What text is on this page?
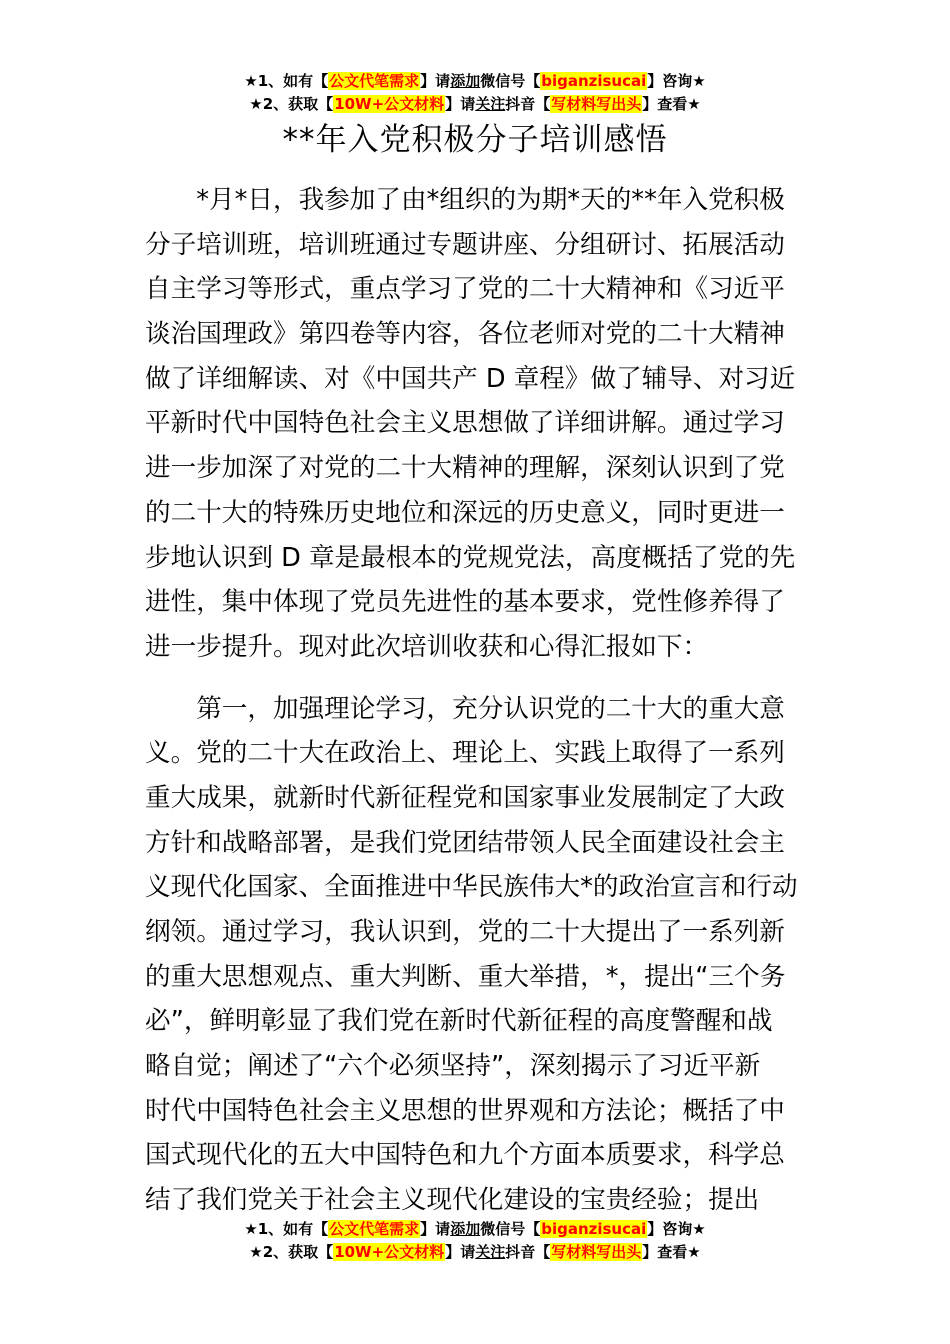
★1、如有【公文代笔需求】请添加微信号【biganzisucai】咨询★
★2、获取【10W+公文材料】请关注抖音【写材料写出头】查看★
**年入党积极分子培训感悟
　　*月*日，我参加了由*组织的为期*天的**年入党积极
分子培训班，培训班通过专题讲座、分组研讨、拓展活动
自主学习等形式，重点学习了党的二十大精神和《习近平
谈治国理政》第四卷等内容，各位老师对党的二十大精神
做了详细解读、对《中国共产 D 章程》做了辅导、对习近
平新时代中国特色社会主义思想做了详细讲解。通过学习
进一步加深了对党的二十大精神的理解，深刻认识到了党
的二十大的特殊历史地位和深远的历史意义，同时更进一
步地认识到 D 章是最根本的党规党法，高度概括了党的先
进性，集中体现了党员先进性的基本要求，党性修养得了
进一步提升。现对此次培训收获和心得汇报如下：
　　第一，加强理论学习，充分认识党的二十大的重大意
义。党的二十大在政治上、理论上、实践上取得了一系列
重大成果，就新时代新征程党和国家事业发展制定了大政
方针和战略部署，是我们党团结带领人民全面建设社会主
义现代化国家、全面推进中华民族伟大*的政治宣言和行动
纲领。通过学习，我认识到，党的二十大提出了一系列新
的重大思想观点、重大判断、重大举措，*，提出“三个务
必”，鲜明彰显了我们党在新时代新征程的高度警醒和战
略自觉；阐述了“六个必须坚持”，深刻揭示了习近平新
时代中国特色社会主义思想的世界观和方法论；概括了中
国式现代化的五大中国特色和九个方面本质要求，科学总
结了我们党关于社会主义现代化建设的宝贵经验；提出
★1、如有【公文代笔需求】请添加微信号【biganzisucai】咨询★
★2、获取【10W+公文材料】请关注抖音【写材料写出头】查看★
